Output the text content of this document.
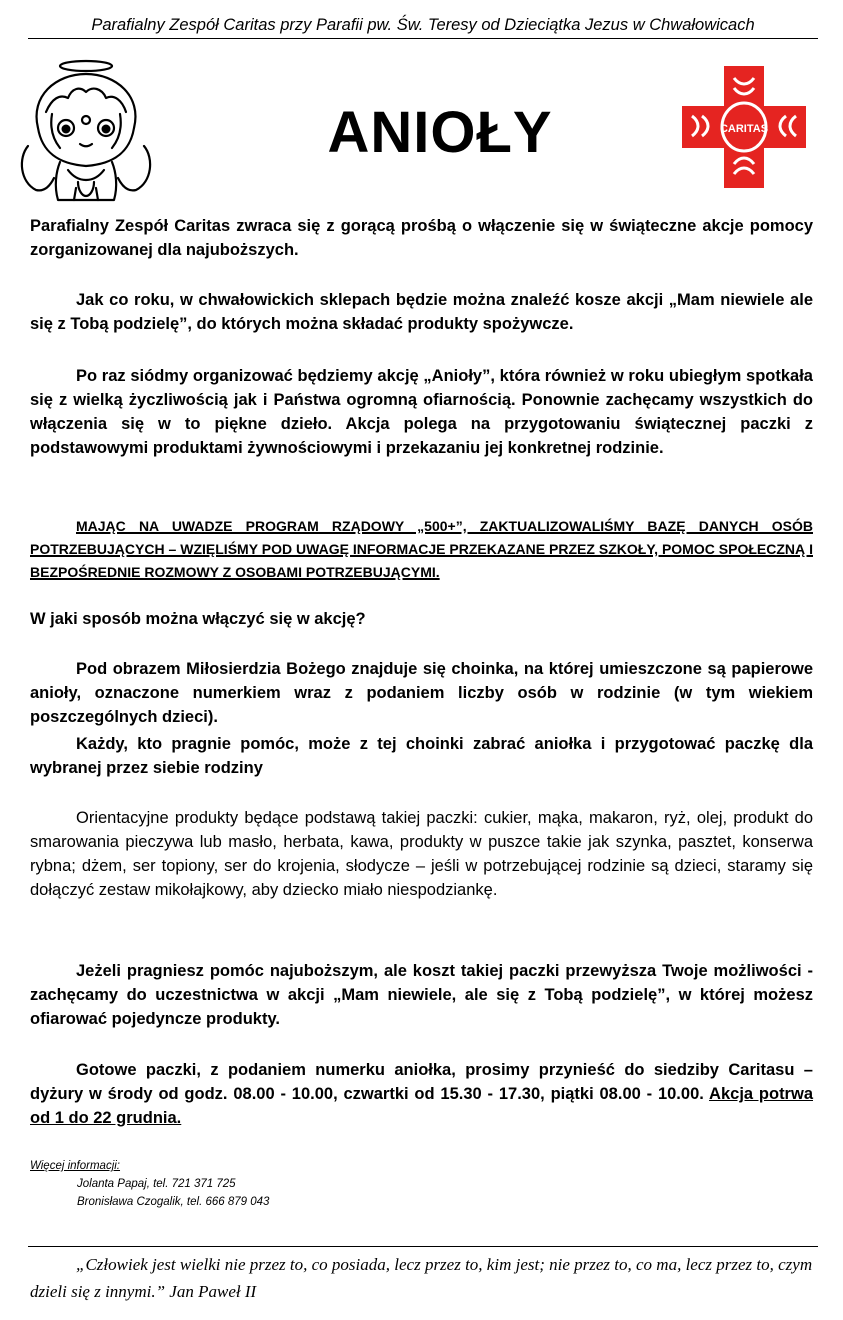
Parafialny Zespół Caritas przy Parafii pw. Św. Teresy od Dzieciątka Jezus w Chwałowicach
ANIOŁY	CARITAS
Parafialny Zespół Caritas zwraca się z gorącą prośbą o włączenie się w świąteczne akcje pomocy zorganizowanej dla najuboższych.
Jak co roku, w chwałowickich sklepach będzie można znaleźć kosze akcji „Mam niewiele ale się z Tobą podzielę”, do których można składać produkty spożywcze.
Po raz siódmy organizować będziemy akcję „Anioły”, która również w roku ubiegłym spotkała się z wielką życzliwością jak i Państwa ogromną ofiarnością. Ponownie zachęcamy wszystkich do włączenia się w to piękne dzieło. Akcja polega na przygotowaniu świątecznej paczki z podstawowymi produktami żywnościowymi i przekazaniu jej konkretnej rodzinie.
MAJĄC NA UWADZE PROGRAM RZĄDOWY „500+”, ZAKTUALIZOWALIŚMY BAZĘ DANYCH OSÓB POTRZEBUJĄCYCH – WZIĘLIŚMY POD UWAGĘ INFORMACJE PRZEKAZANE PRZEZ SZKOŁY, POMOC SPOŁECZNĄ I BEZPOŚREDNIE ROZMOWY Z OSOBAMI POTRZEBUJĄCYMI.
W jaki sposób można włączyć się w akcję?
Pod obrazem Miłosierdzia Bożego znajduje się choinka, na której umieszczone są papierowe anioły, oznaczone numerkiem wraz z podaniem liczby osób w rodzinie (w tym wiekiem poszczególnych dzieci).
Każdy, kto pragnie pomóc, może z tej choinki zabrać aniołka i przygotować paczkę dla wybranej przez siebie rodziny
Orientacyjne produkty będące podstawą takiej paczki: cukier, mąka, makaron, ryż, olej, produkt do smarowania pieczywa lub masło, herbata, kawa, produkty w puszce takie jak szynka, pasztet, konserwa rybna; dżem, ser topiony, ser do krojenia, słodycze – jeśli w potrzebującej rodzinie są dzieci, staramy się dołączyć zestaw mikołajkowy, aby dziecko miało niespodziankę.
Jeżeli pragniesz pomóc najuboższym, ale koszt takiej paczki przewyższa Twoje możliwości - zachęcamy do uczestnictwa w akcji „Mam niewiele, ale się z Tobą podzielę”, w której możesz ofiarować pojedyncze produkty.
Gotowe paczki, z podaniem numerku aniołka, prosimy przynieść do siedziby Caritasu – dyżury w środy od godz. 08.00 - 10.00, czwartki od 15.30 - 17.30, piątki 08.00 - 10.00. Akcja potrwa od 1 do 22 grudnia.
Więcej informacji:
Jolanta Papaj, tel. 721 371 725
Bronisława Czogalik, tel. 666 879 043
„Człowiek jest wielki nie przez to, co posiada, lecz przez to, kim jest; nie przez to, co ma, lecz przez to, czym dzieli się z innymi.” Jan Paweł II
